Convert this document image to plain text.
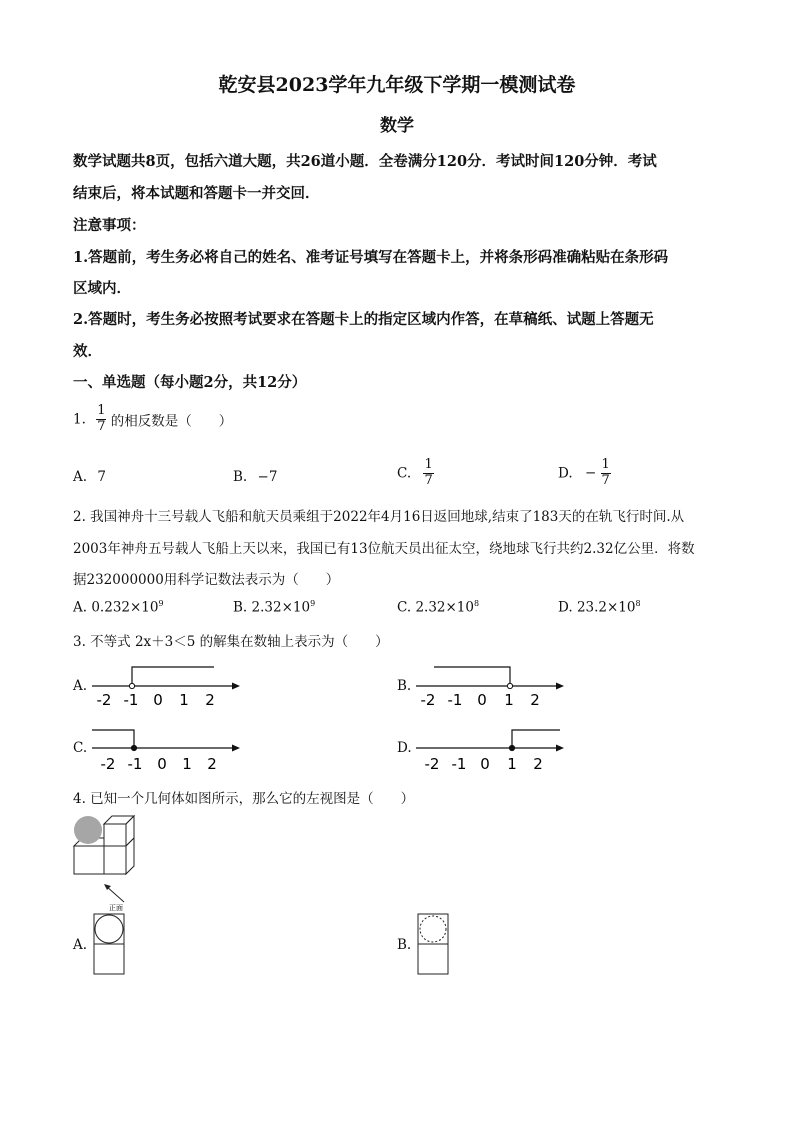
乾安县2023学年九年级下学期一模测试卷
数学
数学试题共8页，包括六道大题，共26道小题．全卷满分120分．考试时间120分钟．考试
结束后，将本试题和答题卡一并交回．
注意事项：
1.答题前，考生务必将自己的姓名、准考证号填写在答题卡上，并将条形码准确粘贴在条形码
区域内．
2.答题时，考生务必按照考试要求在答题卡上的指定区域内作答，在草稿纸、试题上答题无
效．
一、单选题（每小题2分，共12分）
1. $\frac{1}{7}$ 的相反数是（　　）
A. 7	B. −7	C. $\frac{1}{7}$	D. − $\frac{1}{7}$
2. 我国神舟十三号载人飞船和航天员乘组于2022年4月16日返回地球,结束了183天的在轨飞行时间.从
2003年神舟五号载人飞船上天以来，我国已有13位航天员出征太空，绕地球飞行共约2.32亿公里．将数
据232000000用科学记数法表示为（　　）
A. $0.232\times 10^9$	B. $2.32\times 10^9$	C. $2.32\times 10^8$	D. $23.2\times 10^8$
3. 不等式 2x＋3＜5 的解集在数轴上表示为（　　）
A.
-2 -1 0 1 2
B.
-2 -1 0 1 2
C.
-2 -1 0 1 2
D.
-2 -1 0 1 2
4. 已知一个几何体如图所示，那么它的左视图是（　　）
正面
A.	B.
